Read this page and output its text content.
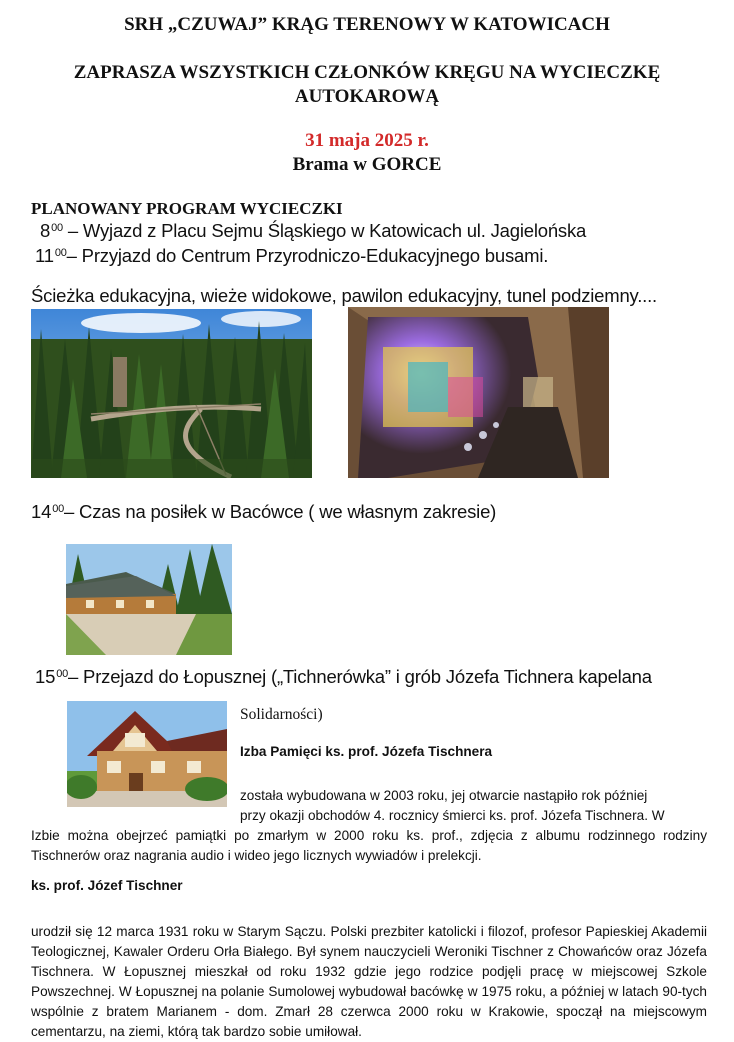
SRH „CZUWAJ” KRĄG TERENOWY W KATOWICACH
ZAPRASZA WSZYSTKICH CZŁONKÓW KRĘGU NA WYCIECZKĘ
AUTOKAROWĄ
31 maja 2025 r.
Brama w GORCE
PLANOWANY PROGRAM WYCIECZKI
$8^{00}$ – Wyjazd z Placu Sejmu Śląskiego w Katowicach ul. Jagielońska
$11^{00}-$ Przyjazd do Centrum Przyrodniczo-Edukacyjnego busami.
Ścieżka edukacyjna, wieże widokowe, pawilon edukacyjny, tunel podziemny....
$14^{00}-$ Czas na posiłek w Bacówce ( we własnym zakresie)
$15^{00}-$ Przejazd do Łopusznej („Tichnerówka” i grób Józefa Tichnera kapelana
Solidarności)
Izba Pamięci ks. prof. Józefa Tischnera
została wybudowana w 2003 roku, jej otwarcie nastąpiło rok później
przy okazji obchodów 4. rocznicy śmierci ks. prof. Józefa Tischnera. W
Izbie można obejrzeć pamiątki po zmarłym w 2000 roku ks. prof., zdjęcia z albumu rodzinnego rodziny Tischnerów oraz nagrania audio i wideo jego licznych wywiadów i prelekcji.
ks. prof. Józef Tischner
urodził się 12 marca 1931 roku w Starym Sączu. Polski prezbiter katolicki i filozof, profesor Papieskiej Akademii Teologicznej, Kawaler Orderu Orła Białego. Był synem nauczycieli Weroniki Tischner z Chowańców oraz Józefa Tischnera. W Łopusznej mieszkał od roku 1932 gdzie jego rodzice podjęli pracę w miejscowej Szkole Powszechnej. W Łopusznej na polanie Sumolowej wybudował bacówkę w 1975 roku, a później w latach 90-tych wspólnie z bratem Marianem - dom. Zmarł 28 czerwca 2000 roku w Krakowie, spoczął na miejscowym cementarzu, na ziemi, którą tak bardzo sobie umiłował.
